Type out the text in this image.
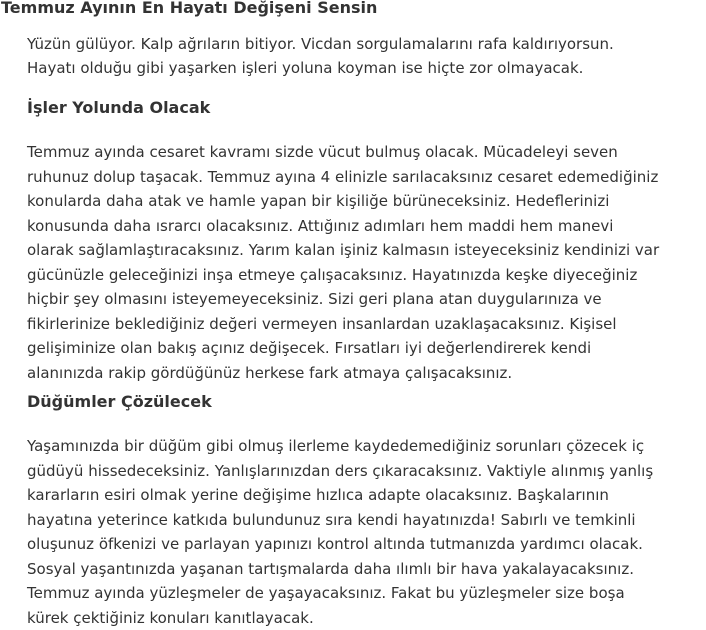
Temmuz Ayının En Hayatı Değişeni Sensin

Yüzün gülüyor. Kalp ağrıların bitiyor. Vicdan sorgulamalarını rafa kaldırıyorsun.
Hayatı olduğu gibi yaşarken işleri yoluna koyman ise hiçte zor olmayacak.

İşler Yolunda Olacak

Temmuz ayında cesaret kavramı sizde vücut bulmuş olacak. Mücadeleyi seven
ruhunuz dolup taşacak. Temmuz ayına 4 elinizle sarılacaksınız cesaret edemediğiniz
konularda daha atak ve hamle yapan bir kişiliğe bürüneceksiniz. Hedeflerinizi
konusunda daha ısrarcı olacaksınız. Attığınız adımları hem maddi hem manevi
olarak sağlamlaştıracaksınız. Yarım kalan işiniz kalmasın isteyeceksiniz kendinizi var
gücünüzle geleceğinizi inşa etmeye çalışacaksınız. Hayatınızda keşke diyeceğiniz
hiçbir şey olmasını isteyemeyeceksiniz. Sizi geri plana atan duygularınıza ve
fikirlerinize beklediğiniz değeri vermeyen insanlardan uzaklaşacaksınız. Kişisel
gelişiminize olan bakış açınız değişecek. Fırsatları iyi değerlendirerek kendi
alanınızda rakip gördüğünüz herkese fark atmaya çalışacaksınız.

Düğümler Çözülecek

Yaşamınızda bir düğüm gibi olmuş ilerleme kaydedemediğiniz sorunları çözecek iç
güdüyü hissedeceksiniz. Yanlışlarınızdan ders çıkaracaksınız. Vaktiyle alınmış yanlış
kararların esiri olmak yerine değişime hızlıca adapte olacaksınız. Başkalarının
hayatına yeterince katkıda bulundunuz sıra kendi hayatınızda! Sabırlı ve temkinli
oluşunuz öfkenizi ve parlayan yapınızı kontrol altında tutmanızda yardımcı olacak.
Sosyal yaşantınızda yaşanan tartışmalarda daha ılımlı bir hava yakalayacaksınız.
Temmuz ayında yüzleşmeler de yaşayacaksınız. Fakat bu yüzleşmeler size boşa
kürek çektiğiniz konuları kanıtlayacak.
